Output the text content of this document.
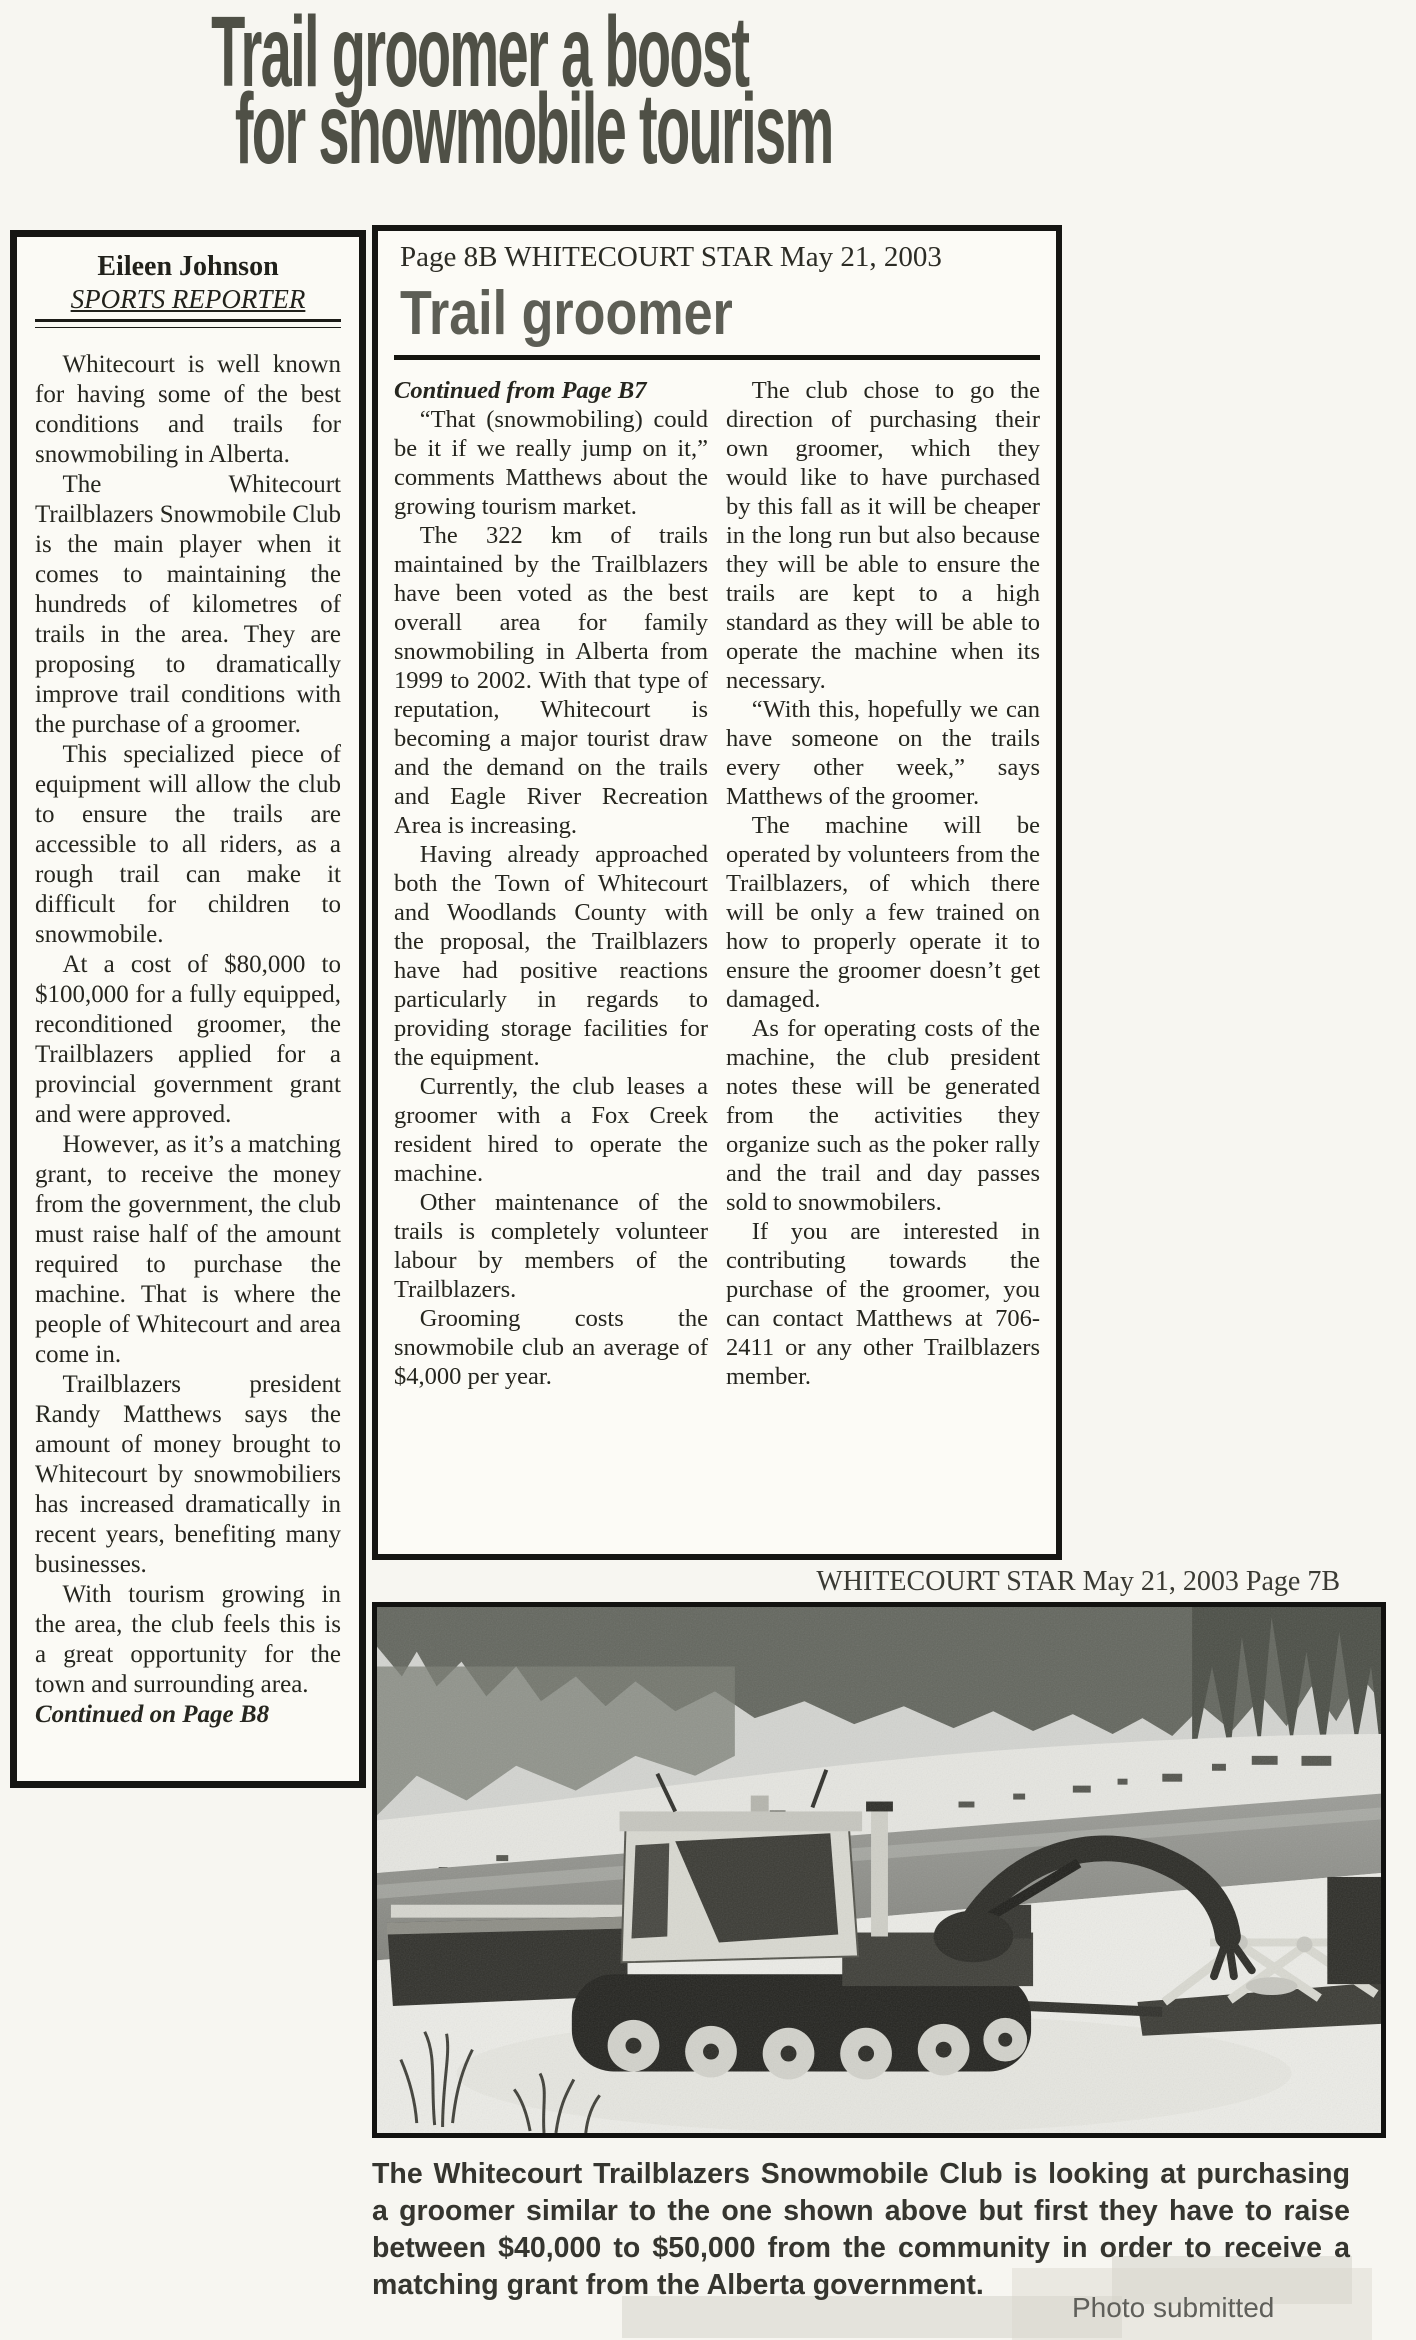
Trail groomer a boost
for snowmobile tourism
Eileen Johnson
SPORTS REPORTER

Whitecourt is well known for having some of the best conditions and trails for snowmobiling in Alberta.

The Whitecourt Trailblazers Snowmobile Club is the main player when it comes to maintaining the hundreds of kilometres of trails in the area. They are proposing to dramatically improve trail conditions with the purchase of a groomer.

This specialized piece of equipment will allow the club to ensure the trails are accessible to all riders, as a rough trail can make it difficult for children to snowmobile.

At a cost of $80,000 to $100,000 for a fully equipped, reconditioned groomer, the Trailblazers applied for a provincial government grant and were approved.

However, as it’s a matching grant, to receive the money from the government, the club must raise half of the amount required to purchase the machine. That is where the people of Whitecourt and area come in.

Trailblazers president Randy Matthews says the amount of money brought to Whitecourt by snowmobiliers has increased dramatically in recent years, benefiting many businesses.

With tourism growing in the area, the club feels this is a great opportunity for the town and surrounding area.

Continued on Page B8

Page 8B WHITECOURT STAR May 21, 2003
Trail groomer

Continued from Page B7

“That (snowmobiling) could be it if we really jump on it,” comments Matthews about the growing tourism market.

The 322 km of trails maintained by the Trailblazers have been voted as the best overall area for family snowmobiling in Alberta from 1999 to 2002. With that type of reputation, Whitecourt is becoming a major tourist draw and the demand on the trails and Eagle River Recreation Area is increasing.

Having already approached both the Town of Whitecourt and Woodlands County with the proposal, the Trailblazers have had positive reactions particularly in regards to providing storage facilities for the equipment.

Currently, the club leases a groomer with a Fox Creek resident hired to operate the machine.

Other maintenance of the trails is completely volunteer labour by members of the Trailblazers.

Grooming costs the snowmobile club an average of $4,000 per year.

The club chose to go the direction of purchasing their own groomer, which they would like to have purchased by this fall as it will be cheaper in the long run but also because they will be able to ensure the trails are kept to a high standard as they will be able to operate the machine when its necessary.

“With this, hopefully we can have someone on the trails every other week,” says Matthews of the groomer.

The machine will be operated by volunteers from the Trailblazers, of which there will be only a few trained on how to properly operate it to ensure the groomer doesn’t get damaged.

As for operating costs of the machine, the club president notes these will be generated from the activities they organize such as the poker rally and the trail and day passes sold to snowmobilers.

If you are interested in contributing towards the purchase of the groomer, you can contact Matthews at 706-2411 or any other Trailblazers member.

WHITECOURT STAR May 21, 2003 Page 7B

The Whitecourt Trailblazers Snowmobile Club is looking at purchasing a groomer similar to the one shown above but first they have to raise between $40,000 to $50,000 from the community in order to receive a matching grant from the Alberta government.

Photo submitted
